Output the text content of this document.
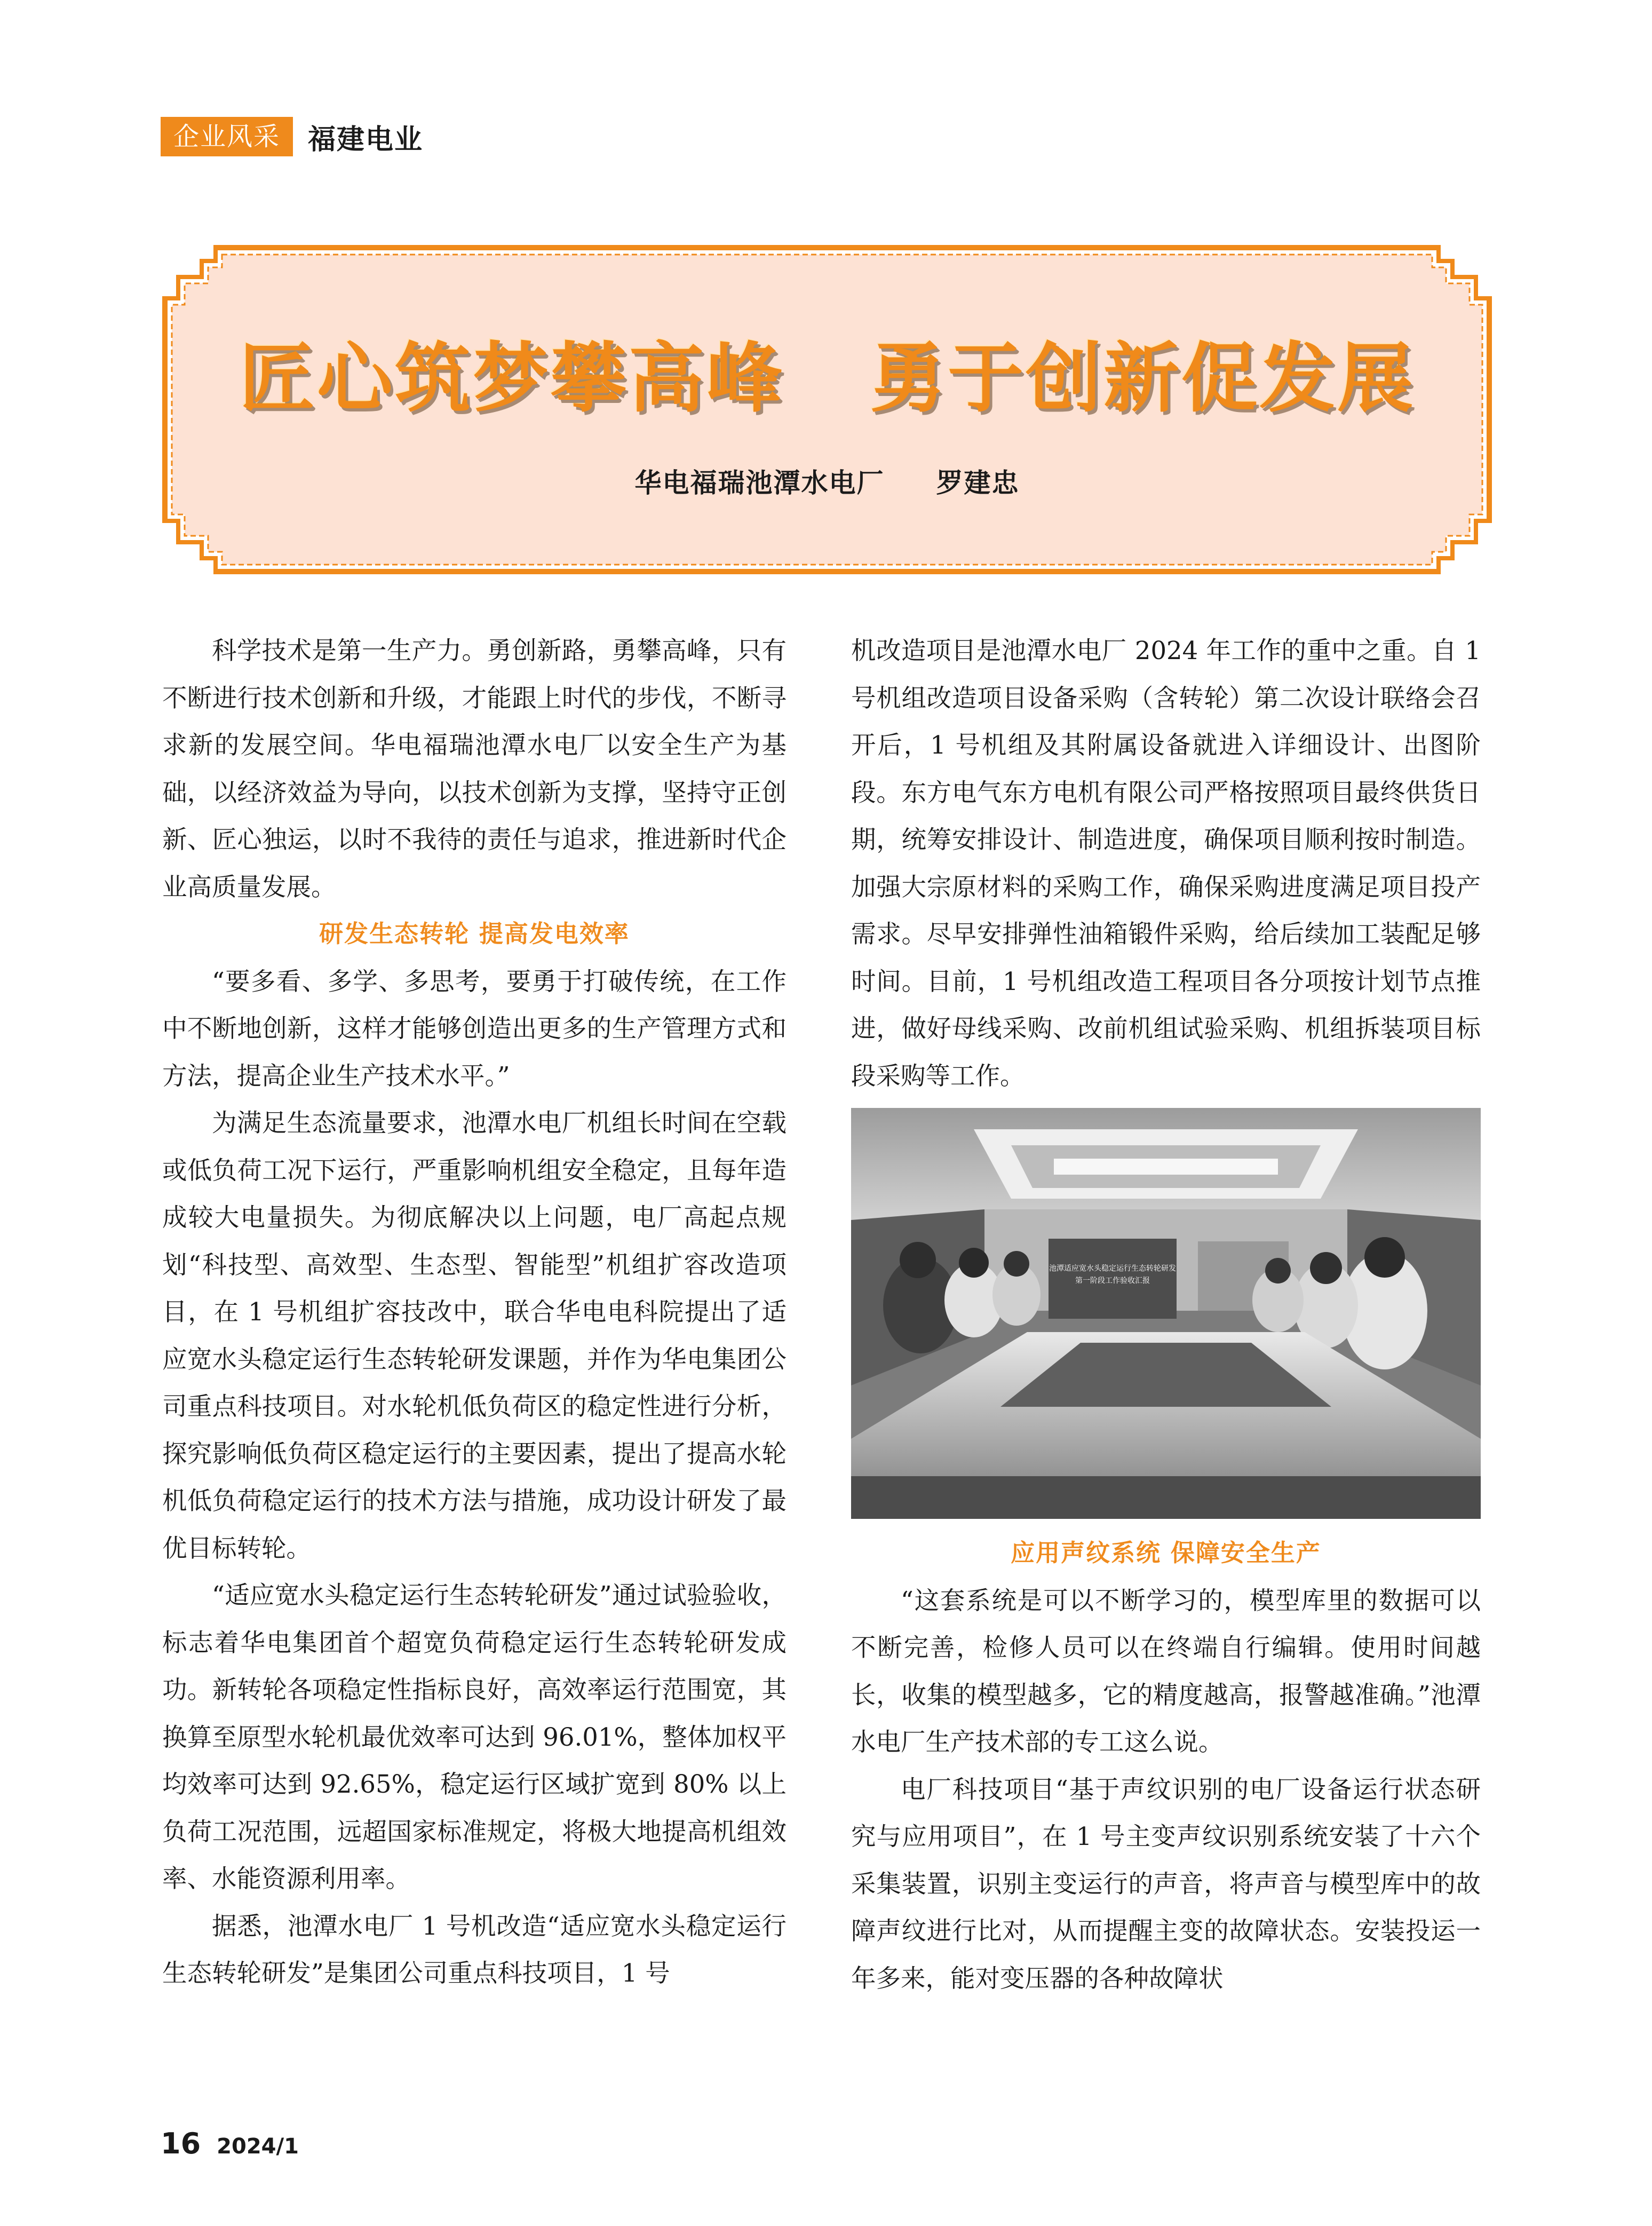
企业风采	福建电业
匠心筑梦攀高峰   勇于创新促发展
华电福瑞池潭水电厂     罗建忠

科学技术是第一生产力。勇创新路，勇攀高峰，只有不断进行技术创新和升级，才能跟上时代的步伐，不断寻求新的发展空间。华电福瑞池潭水电厂以安全生产为基础，以经济效益为导向，以技术创新为支撑，坚持守正创新、匠心独运，以时不我待的责任与追求，推进新时代企业高质量发展。

研发生态转轮 提高发电效率

“要多看、多学、多思考，要勇于打破传统，在工作中不断地创新，这样才能够创造出更多的生产管理方式和方法，提高企业生产技术水平。”

为满足生态流量要求，池潭水电厂机组长时间在空载或低负荷工况下运行，严重影响机组安全稳定，且每年造成较大电量损失。为彻底解决以上问题，电厂高起点规划“科技型、高效型、生态型、智能型”机组扩容改造项目，在 1 号机组扩容技改中，联合华电电科院提出了适应宽水头稳定运行生态转轮研发课题，并作为华电集团公司重点科技项目。对水轮机低负荷区的稳定性进行分析，探究影响低负荷区稳定运行的主要因素，提出了提高水轮机低负荷稳定运行的技术方法与措施，成功设计研发了最优目标转轮。

“适应宽水头稳定运行生态转轮研发”通过试验验收，标志着华电集团首个超宽负荷稳定运行生态转轮研发成功。新转轮各项稳定性指标良好，高效率运行范围宽，其换算至原型水轮机最优效率可达到 96.01%，整体加权平均效率可达到 92.65%，稳定运行区域扩宽到 80% 以上负荷工况范围，远超国家标准规定，将极大地提高机组效率、水能资源利用率。

据悉，池潭水电厂 1 号机改造“适应宽水头稳定运行生态转轮研发”是集团公司重点科技项目，1 号

机改造项目是池潭水电厂 2024 年工作的重中之重。自 1 号机组改造项目设备采购（含转轮）第二次设计联络会召开后，1 号机组及其附属设备就进入详细设计、出图阶段。东方电气东方电机有限公司严格按照项目最终供货日期，统筹安排设计、制造进度，确保项目顺利按时制造。加强大宗原材料的采购工作，确保采购进度满足项目投产需求。尽早安排弹性油箱锻件采购，给后续加工装配足够时间。目前，1 号机组改造工程项目各分项按计划节点推进，做好母线采购、改前机组试验采购、机组拆装项目标段采购等工作。

池潭适应宽水头稳定运行生态转轮研发
第一阶段工作验收汇报
应用声纹系统 保障安全生产

“这套系统是可以不断学习的，模型库里的数据可以不断完善，检修人员可以在终端自行编辑。使用时间越长，收集的模型越多，它的精度越高，报警越准确。”池潭水电厂生产技术部的专工这么说。

电厂科技项目“基于声纹识别的电厂设备运行状态研究与应用项目”，在 1 号主变声纹识别系统安装了十六个采集装置，识别主变运行的声音，将声音与模型库中的故障声纹进行比对，从而提醒主变的故障状态。安装投运一年多来，能对变压器的各种故障状

16 2024/1
